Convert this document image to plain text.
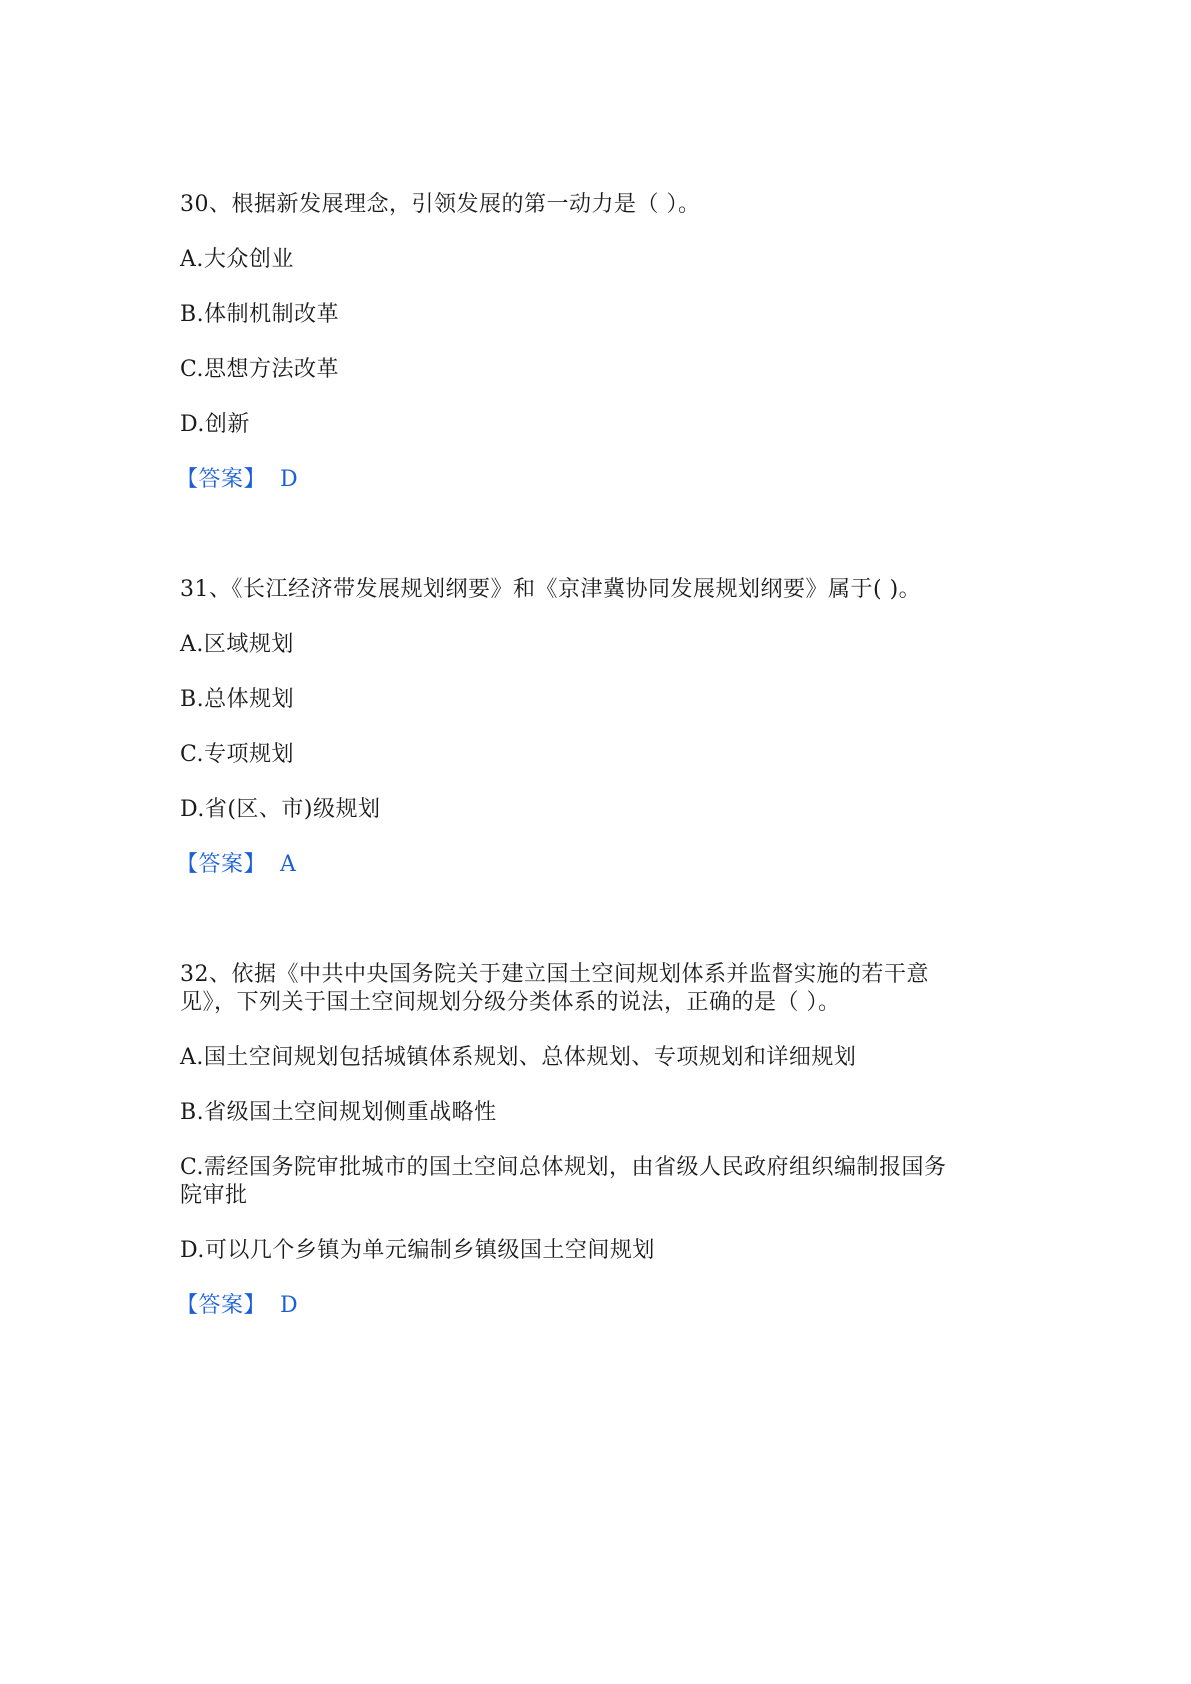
30、根据新发展理念，引领发展的第一动力是（ ）。
A.大众创业
B.体制机制改革
C.思想方法改革
D.创新
【答案】 D
31、《长江经济带发展规划纲要》和《京津冀协同发展规划纲要》属于( )。
A.区域规划
B.总体规划
C.专项规划
D.省(区、市)级规划
【答案】 A
32、依据《中共中央国务院关于建立国土空间规划体系并监督实施的若干意
见》，下列关于国土空间规划分级分类体系的说法，正确的是（ ）。
A.国土空间规划包括城镇体系规划、总体规划、专项规划和详细规划
B.省级国土空间规划侧重战略性
C.需经国务院审批城市的国土空间总体规划，由省级人民政府组织编制报国务
院审批
D.可以几个乡镇为单元编制乡镇级国土空间规划
【答案】 D
